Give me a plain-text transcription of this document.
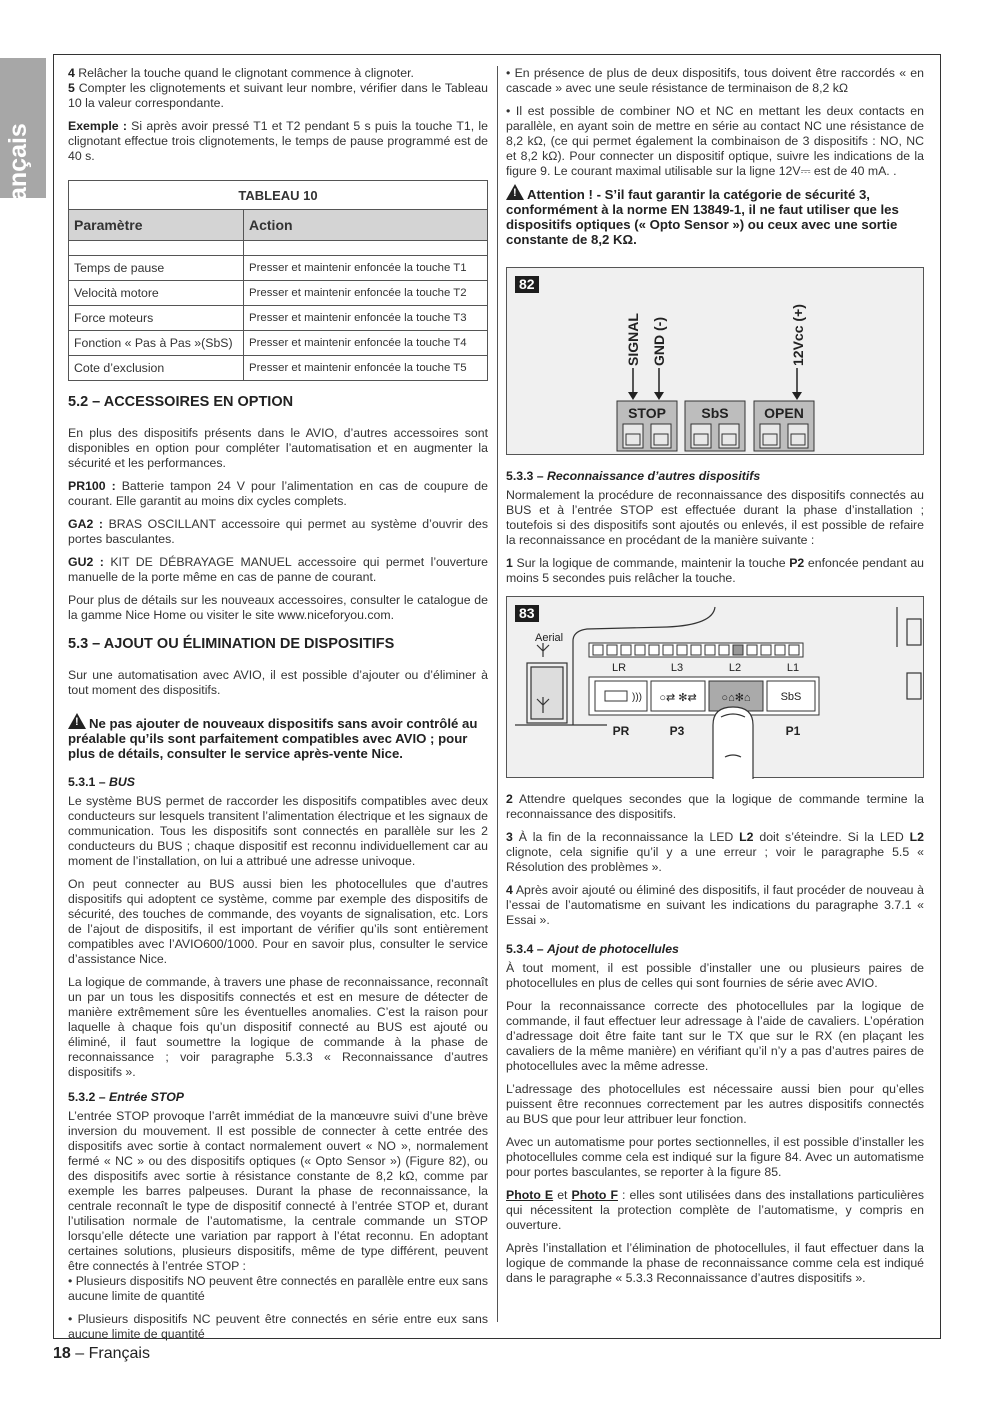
Français

4 Relâcher la touche quand le clignotant commence à clignoter.

5 Compter les clignotements et suivant leur nombre, vérifier dans le Tableau 10 la valeur correspondante.

Exemple : Si après avoir pressé T1 et T2 pendant 5 s puis la touche T1, le clignotant effectue trois clignotements, le temps de pause programmé est de 40 s.

TABLEAU 10	
Paramètre	Action

Temps de pause	Presser et maintenir enfoncée la touche T1
Velocità motore	Presser et maintenir enfoncée la touche T2
Force moteurs	Presser et maintenir enfoncée la touche T3
Fonction « Pas à Pas »(SbS)	Presser et maintenir enfoncée la touche T4
Cote d’exclusion	Presser et maintenir enfoncée la touche T5
5.2 – ACCESSOIRES EN OPTION

En plus des dispositifs présents dans le AVIO, d’autres accessoires sont disponibles en option pour compléter l’automatisation et en augmenter la sécurité et les performances.

PR100 : Batterie tampon 24 V pour l’alimentation en cas de coupure de courant. Elle garantit au moins dix cycles complets.

GA2 : BRAS OSCILLANT accessoire qui permet au système d’ouvrir des portes basculantes.

GU2 : KIT DE DÉBRAYAGE MANUEL accessoire qui permet l’ouverture manuelle de la porte même en cas de panne de courant.

Pour plus de détails sur les nouveaux accessoires, consulter le catalogue de la gamme Nice Home ou visiter le site www.niceforyou.com.

5.3 – AJOUT OU ÉLIMINATION DE DISPOSITIFS

Sur une automatisation avec AVIO, il est possible d’ajouter ou d’éliminer à tout moment des dispositifs.

!Ne pas ajouter de nouveaux dispositifs sans avoir contrôlé au préalable qu’ils sont parfaitement compatibles avec AVIO ; pour plus de détails, consulter le service après-vente Nice.
5.3.1 – BUS

Le système BUS permet de raccorder les dispositifs compatibles avec deux conducteurs sur lesquels transitent l’alimentation électrique et les signaux de communication. Tous les dispositifs sont connectés en parallèle sur les 2 conducteurs du BUS ; chaque dispositif est reconnu individuellement car au moment de l’installation, on lui a attribué une adresse univoque.

On peut connecter au BUS aussi bien les photocellules que d’autres dispositifs qui adoptent ce système, comme par exemple des dispositifs de sécurité, des touches de commande, des voyants de signalisation, etc. Lors de l’ajout de dispositifs, il est important de vérifier qu’ils sont entièrement compatibles avec l’AVIO600/1000. Pour en savoir plus, consulter le service d’assistance Nice.

La logique de commande, à travers une phase de reconnaissance, reconnaît un par un tous les dispositifs connectés et est en mesure de détecter de manière extrêmement sûre les éventuelles anomalies. C’est la raison pour laquelle à chaque fois qu’un dispositif connecté au BUS est ajouté ou éliminé, il faut soumettre la logique de commande à la phase de reconnaissance ; voir paragraphe 5.3.3 « Reconnaissance d’autres dispositifs ».

5.3.2 – Entrée STOP

L’entrée STOP provoque l’arrêt immédiat de la manœuvre suivi d’une brève inversion du mouvement. Il est possible de connecter à cette entrée des dispositifs avec sortie à contact normalement ouvert « NO », normalement fermé « NC » ou des dispositifs optiques (« Opto Sensor ») (Figure 82), ou des dispositifs avec sortie à résistance constante de 8,2 kΩ, comme par exemple les barres palpeuses. Durant la phase de reconnaissance, la centrale reconnaît le type de dispositif connecté à l’entrée STOP et, durant l’utilisation normale de l’automatisme, la centrale commande un STOP lorsqu’elle détecte une variation par rapport à l’état reconnu. En adoptant certaines solutions, plusieurs dispositifs, même de type différent, peuvent être connectés à l’entrée STOP :

• Plusieurs dispositifs NO peuvent être connectés en parallèle entre eux sans aucune limite de quantité

• Plusieurs dispositifs NC peuvent être connectés en série entre eux sans aucune limite de quantité

• En présence de plus de deux dispositifs, tous doivent être raccordés « en cascade » avec une seule résistance de terminaison de 8,2 kΩ

• Il est possible de combiner NO et NC en mettant les deux contacts en parallèle, en ayant soin de mettre en série au contact NC une résistance de 8,2 kΩ, (ce qui permet également la combinaison de 3 dispositifs : NO, NC et 8,2 kΩ). Pour connecter un dispositif optique, suivre les indications de la figure 9. Le courant maximal utilisable sur la ligne 12V⎓ est de 40 mA. .

!Attention ! - S’il faut garantir la catégorie de sécurité 3, conformément à la norme EN 13849-1, il ne faut utiliser que les dispositifs optiques (« Opto Sensor ») ou ceux avec une sortie constante de 8,2 KΩ.
82
SIGNAL GND (-)	12Vcc (+)
STOP	SbS	OPEN
5.3.3 – Reconnaissance d’autres dispositifs

Normalement la procédure de reconnaissance des dispositifs connectés au BUS et à l’entrée STOP est effectuée durant la phase d’installation ; toutefois si des dispositifs sont ajoutés ou enlevés, il est possible de refaire la reconnaissance en procédant de la manière suivante :

1 Sur la logique de commande, maintenir la touche P2 enfoncée pendant au moins 5 secondes puis relâcher la touche.

83
Aerial
LR	L3	L2	L1
))) ○⇄ ✻⇄ ○⌂✻⌂	SbS
PR	P3	P1

2 Attendre quelques secondes que la logique de commande termine la reconnaissance des dispositifs.

3 À la fin de la reconnaissance la LED L2 doit s’éteindre. Si la LED L2 clignote, cela signifie qu’il y a une erreur ; voir le paragraphe 5.5 « Résolution des problèmes ».

4 Après avoir ajouté ou éliminé des dispositifs, il faut procéder de nouveau à l’essai de l’automatisme en suivant les indications du paragraphe 3.7.1 « Essai ».

5.3.4 – Ajout de photocellules

À tout moment, il est possible d’installer une ou plusieurs paires de photocellules en plus de celles qui sont fournies de série avec AVIO.

Pour la reconnaissance correcte des photocellules par la logique de commande, il faut effectuer leur adressage à l’aide de cavaliers. L’opération d’adressage doit être faite tant sur le TX que sur le RX (en plaçant les cavaliers de la même manière) en vérifiant qu’il n’y a pas d’autres paires de photocellules avec la même adresse.

L’adressage des photocellules est nécessaire aussi bien pour qu’elles puissent être reconnues correctement par les autres dispositifs connectés au BUS que pour leur attribuer leur fonction.

Avec un automatisme pour portes sectionnelles, il est possible d’installer les photocellules comme cela est indiqué sur la figure 84. Avec un automatisme pour portes basculantes, se reporter à la figure 85.

Photo E et Photo F : elles sont utilisées dans des installations particulières qui nécessitent la protection complète de l’automatisme, y compris en ouverture.

Après l’installation et l’élimination de photocellules, il faut effectuer dans la logique de commande la phase de reconnaissance comme cela est indiqué dans le paragraphe « 5.3.3 Reconnaissance d’autres dispositifs ».

18 – Français
